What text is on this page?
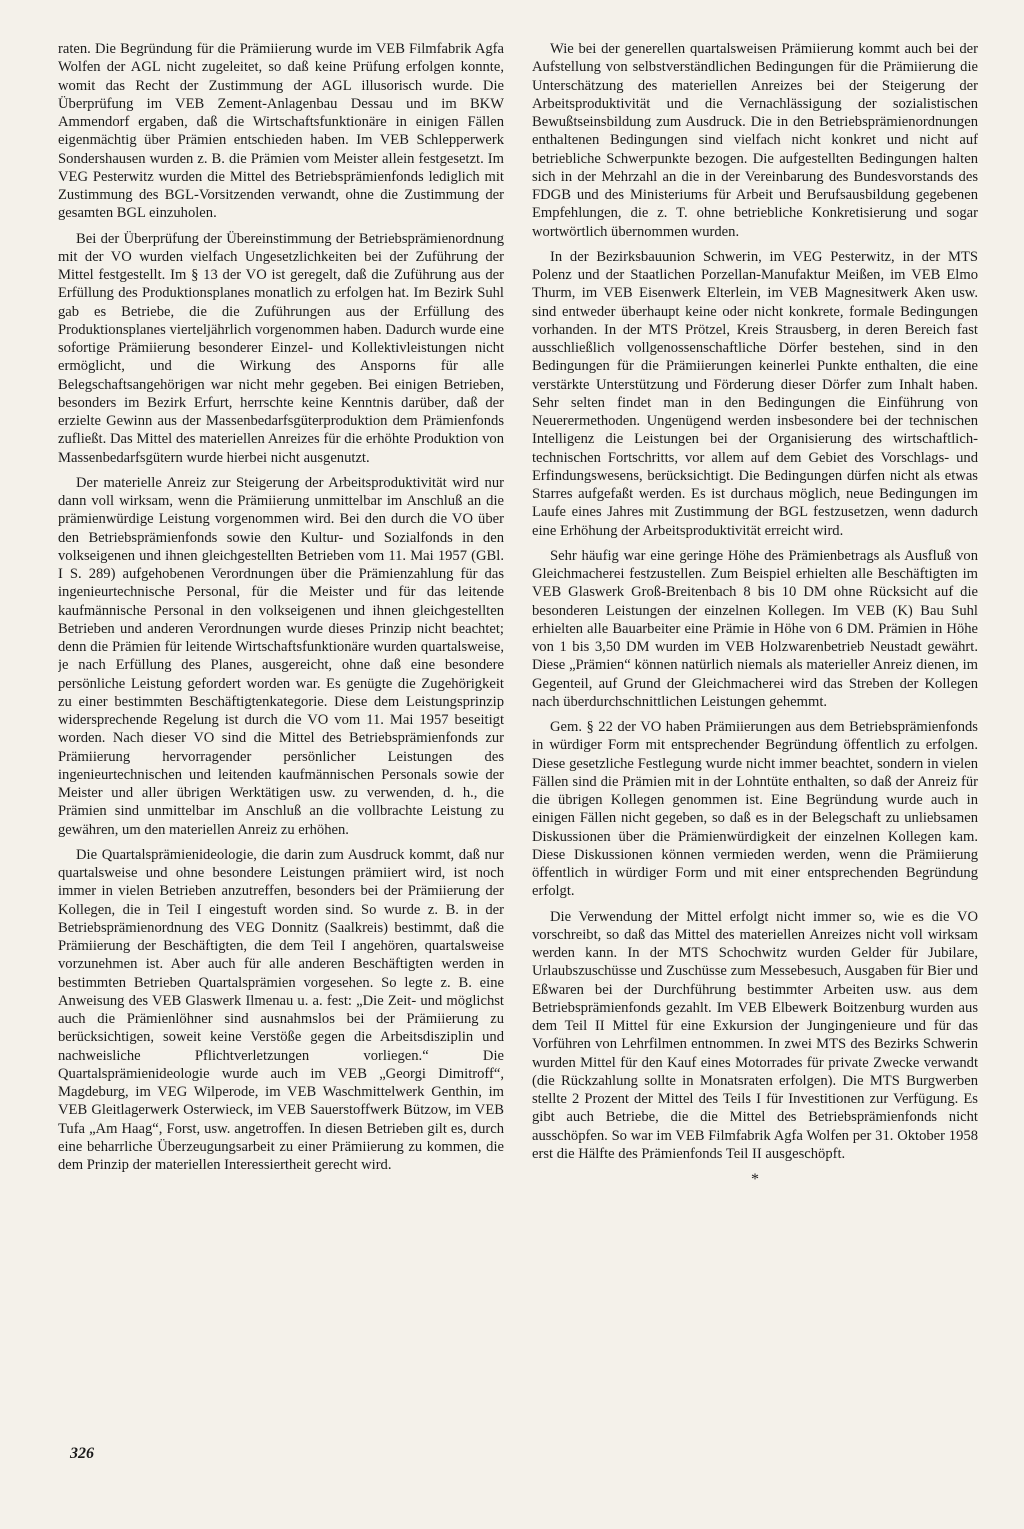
raten. Die Begründung für die Prämiierung wurde im VEB Filmfabrik Agfa Wolfen der AGL nicht zugeleitet, so daß keine Prüfung erfolgen konnte, womit das Recht der Zustimmung der AGL illusorisch wurde. Die Überprüfung im VEB Zement-Anlagenbau Dessau und im BKW Ammendorf ergaben, daß die Wirtschaftsfunktionäre in einigen Fällen eigenmächtig über Prämien entschieden haben. Im VEB Schlepperwerk Sondershausen wurden z. B. die Prämien vom Meister allein festgesetzt. Im VEG Pesterwitz wurden die Mittel des Betriebsprämienfonds lediglich mit Zustimmung des BGL-Vorsitzenden verwandt, ohne die Zustimmung der gesamten BGL einzuholen.

Bei der Überprüfung der Übereinstimmung der Betriebsprämienordnung mit der VO wurden vielfach Ungesetzlichkeiten bei der Zuführung der Mittel festgestellt. Im § 13 der VO ist geregelt, daß die Zuführung aus der Erfüllung des Produktionsplanes monatlich zu erfolgen hat. Im Bezirk Suhl gab es Betriebe, die die Zuführungen aus der Erfüllung des Produktionsplanes vierteljährlich vorgenommen haben. Dadurch wurde eine sofortige Prämiierung besonderer Einzel- und Kollektivleistungen nicht ermöglicht, und die Wirkung des Ansporns für alle Belegschaftsangehörigen war nicht mehr gegeben. Bei einigen Betrieben, besonders im Bezirk Erfurt, herrschte keine Kenntnis darüber, daß der erzielte Gewinn aus der Massenbedarfsgüterproduktion dem Prämienfonds zufließt. Das Mittel des materiellen Anreizes für die erhöhte Produktion von Massenbedarfsgütern wurde hierbei nicht ausgenutzt.

Der materielle Anreiz zur Steigerung der Arbeitsproduktivität wird nur dann voll wirksam, wenn die Prämiierung unmittelbar im Anschluß an die prämienwürdige Leistung vorgenommen wird. Bei den durch die VO über den Betriebsprämienfonds sowie den Kultur- und Sozialfonds in den volkseigenen und ihnen gleichgestellten Betrieben vom 11. Mai 1957 (GBl. I S. 289) aufgehobenen Verordnungen über die Prämienzahlung für das ingenieurtechnische Personal, für die Meister und für das leitende kaufmännische Personal in den volkseigenen und ihnen gleichgestellten Betrieben und anderen Verordnungen wurde dieses Prinzip nicht beachtet; denn die Prämien für leitende Wirtschaftsfunktionäre wurden quartalsweise, je nach Erfüllung des Planes, ausgereicht, ohne daß eine besondere persönliche Leistung gefordert worden war. Es genügte die Zugehörigkeit zu einer bestimmten Beschäftigtenkategorie. Diese dem Leistungsprinzip widersprechende Regelung ist durch die VO vom 11. Mai 1957 beseitigt worden. Nach dieser VO sind die Mittel des Betriebsprämienfonds zur Prämiierung hervorragender persönlicher Leistungen des ingenieurtechnischen und leitenden kaufmännischen Personals sowie der Meister und aller übrigen Werktätigen usw. zu verwenden, d. h., die Prämien sind unmittelbar im Anschluß an die vollbrachte Leistung zu gewähren, um den materiellen Anreiz zu erhöhen.

Die Quartalsprämienideologie, die darin zum Ausdruck kommt, daß nur quartalsweise und ohne besondere Leistungen prämiiert wird, ist noch immer in vielen Betrieben anzutreffen, besonders bei der Prämiierung der Kollegen, die in Teil I eingestuft worden sind. So wurde z. B. in der Betriebsprämienordnung des VEG Donnitz (Saalkreis) bestimmt, daß die Prämiierung der Beschäftigten, die dem Teil I angehören, quartalsweise vorzunehmen ist. Aber auch für alle anderen Beschäftigten werden in bestimmten Betrieben Quartalsprämien vorgesehen. So legte z. B. eine Anweisung des VEB Glaswerk Ilmenau u. a. fest: „Die Zeit- und möglichst auch die Prämienlöhner sind ausnahmslos bei der Prämiierung zu berücksichtigen, soweit keine Verstöße gegen die Arbeitsdisziplin und nachweisliche Pflichtverletzungen vorliegen.“ Die Quartalsprämienideologie wurde auch im VEB „Georgi Dimitroff“, Magdeburg, im VEG Wilperode, im VEB Waschmittelwerk Genthin, im VEB Gleitlagerwerk Osterwieck, im VEB Sauerstoffwerk Bützow, im VEB Tufa „Am Haag“, Forst, usw. angetroffen. In diesen Betrieben gilt es, durch eine beharrliche Überzeugungsarbeit zu einer Prämiierung zu kommen, die dem Prinzip der materiellen Interessiertheit gerecht wird.

Wie bei der generellen quartalsweisen Prämiierung kommt auch bei der Aufstellung von selbstverständlichen Bedingungen für die Prämiierung die Unterschätzung des materiellen Anreizes bei der Steigerung der Arbeitsproduktivität und die Vernachlässigung der sozialistischen Bewußtseinsbildung zum Ausdruck. Die in den Betriebsprämienordnungen enthaltenen Bedingungen sind vielfach nicht konkret und nicht auf betriebliche Schwerpunkte bezogen. Die aufgestellten Bedingungen halten sich in der Mehrzahl an die in der Vereinbarung des Bundesvorstands des FDGB und des Ministeriums für Arbeit und Berufsausbildung gegebenen Empfehlungen, die z. T. ohne betriebliche Konkretisierung und sogar wortwörtlich übernommen wurden.

In der Bezirksbauunion Schwerin, im VEG Pesterwitz, in der MTS Polenz und der Staatlichen Porzellan-Manufaktur Meißen, im VEB Elmo Thurm, im VEB Eisenwerk Elterlein, im VEB Magnesitwerk Aken usw. sind entweder überhaupt keine oder nicht konkrete, formale Bedingungen vorhanden. In der MTS Prötzel, Kreis Strausberg, in deren Bereich fast ausschließlich vollgenossenschaftliche Dörfer bestehen, sind in den Bedingungen für die Prämiierungen keinerlei Punkte enthalten, die eine verstärkte Unterstützung und Förderung dieser Dörfer zum Inhalt haben. Sehr selten findet man in den Bedingungen die Einführung von Neuerermethoden. Ungenügend werden insbesondere bei der technischen Intelligenz die Leistungen bei der Organisierung des wirtschaftlich-technischen Fortschritts, vor allem auf dem Gebiet des Vorschlags- und Erfindungswesens, berücksichtigt. Die Bedingungen dürfen nicht als etwas Starres aufgefaßt werden. Es ist durchaus möglich, neue Bedingungen im Laufe eines Jahres mit Zustimmung der BGL festzusetzen, wenn dadurch eine Erhöhung der Arbeitsproduktivität erreicht wird.

Sehr häufig war eine geringe Höhe des Prämienbetrags als Ausfluß von Gleichmacherei festzustellen. Zum Beispiel erhielten alle Beschäftigten im VEB Glaswerk Groß-Breitenbach 8 bis 10 DM ohne Rücksicht auf die besonderen Leistungen der einzelnen Kollegen. Im VEB (K) Bau Suhl erhielten alle Bauarbeiter eine Prämie in Höhe von 6 DM. Prämien in Höhe von 1 bis 3,50 DM wurden im VEB Holzwarenbetrieb Neustadt gewährt. Diese „Prämien“ können natürlich niemals als materieller Anreiz dienen, im Gegenteil, auf Grund der Gleichmacherei wird das Streben der Kollegen nach überdurchschnittlichen Leistungen gehemmt.

Gem. § 22 der VO haben Prämiierungen aus dem Betriebsprämienfonds in würdiger Form mit entsprechender Begründung öffentlich zu erfolgen. Diese gesetzliche Festlegung wurde nicht immer beachtet, sondern in vielen Fällen sind die Prämien mit in der Lohntüte enthalten, so daß der Anreiz für die übrigen Kollegen genommen ist. Eine Begründung wurde auch in einigen Fällen nicht gegeben, so daß es in der Belegschaft zu unliebsamen Diskussionen über die Prämienwürdigkeit der einzelnen Kollegen kam. Diese Diskussionen können vermieden werden, wenn die Prämiierung öffentlich in würdiger Form und mit einer entsprechenden Begründung erfolgt.

Die Verwendung der Mittel erfolgt nicht immer so, wie es die VO vorschreibt, so daß das Mittel des materiellen Anreizes nicht voll wirksam werden kann. In der MTS Schochwitz wurden Gelder für Jubilare, Urlaubszuschüsse und Zuschüsse zum Messebesuch, Ausgaben für Bier und Eßwaren bei der Durchführung bestimmter Arbeiten usw. aus dem Betriebsprämienfonds gezahlt. Im VEB Elbewerk Boitzenburg wurden aus dem Teil II Mittel für eine Exkursion der Jungingenieure und für das Vorführen von Lehrfilmen entnommen. In zwei MTS des Bezirks Schwerin wurden Mittel für den Kauf eines Motorrades für private Zwecke verwandt (die Rückzahlung sollte in Monatsraten erfolgen). Die MTS Burgwerben stellte 2 Prozent der Mittel des Teils I für Investitionen zur Verfügung. Es gibt auch Betriebe, die die Mittel des Betriebsprämienfonds nicht ausschöpfen. So war im VEB Filmfabrik Agfa Wolfen per 31. Oktober 1958 erst die Hälfte des Prämienfonds Teil II ausgeschöpft.

*
326
